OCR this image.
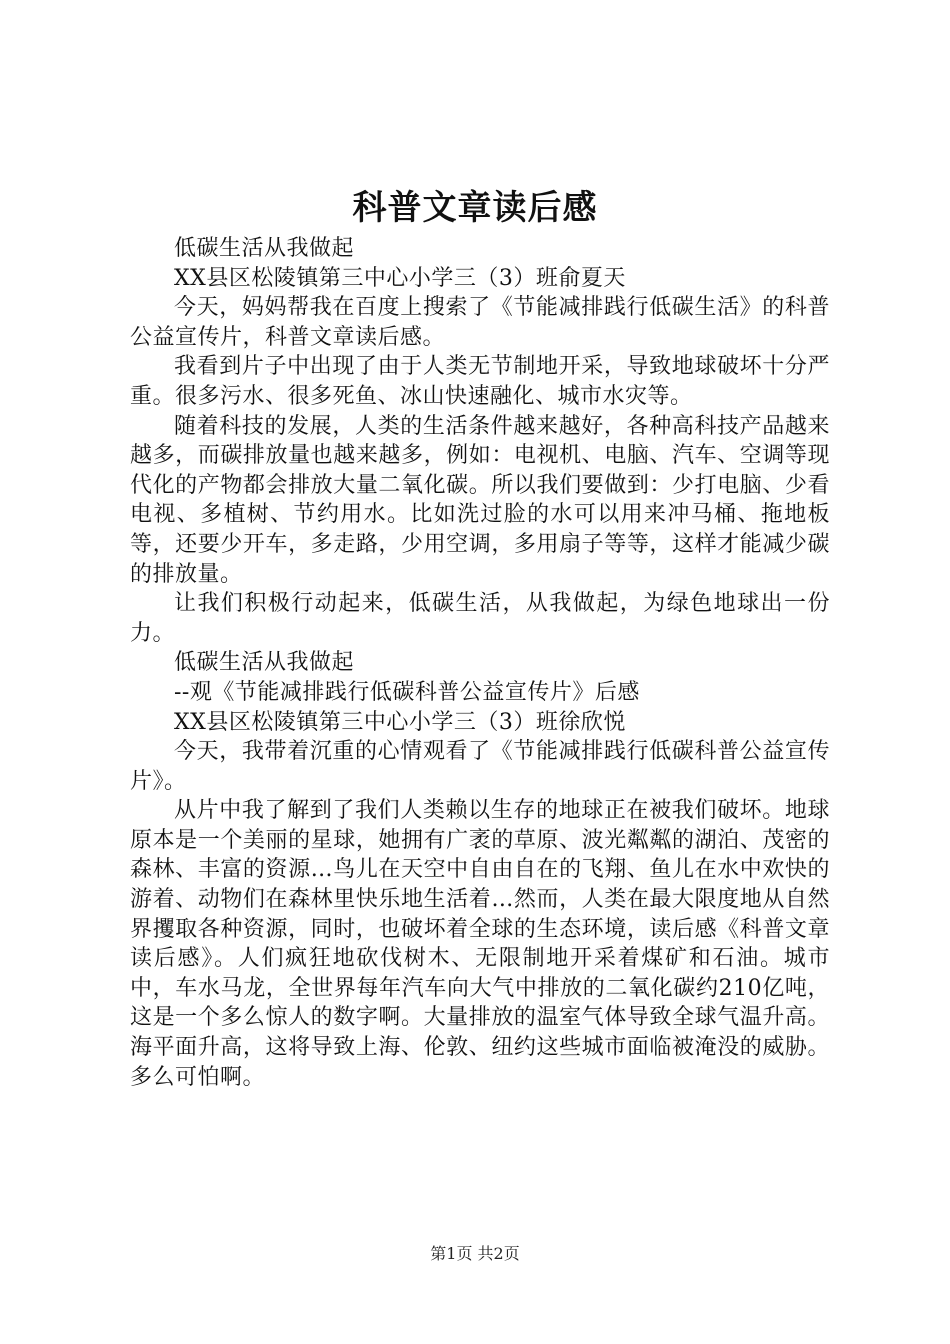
科普文章读后感

低碳生活从我做起

XX县区松陵镇第三中心小学三（3）班俞夏天

今天，妈妈帮我在百度上搜索了《节能减排践行低碳生活》的科普公益宣传片，科普文章读后感。

我看到片子中出现了由于人类无节制地开采，导致地球破坏十分严重。很多污水、很多死鱼、冰山快速融化、城市水灾等。

随着科技的发展，人类的生活条件越来越好，各种高科技产品越来越多，而碳排放量也越来越多，例如：电视机、电脑、汽车、空调等现代化的产物都会排放大量二氧化碳。所以我们要做到：少打电脑、少看电视、多植树、节约用水。比如洗过脸的水可以用来冲马桶、拖地板等，还要少开车，多走路，少用空调，多用扇子等等，这样才能减少碳的排放量。

让我们积极行动起来，低碳生活，从我做起，为绿色地球出一份力。

低碳生活从我做起

--观《节能减排践行低碳科普公益宣传片》后感

XX县区松陵镇第三中心小学三（3）班徐欣悦

今天，我带着沉重的心情观看了《节能减排践行低碳科普公益宣传片》。

从片中我了解到了我们人类赖以生存的地球正在被我们破坏。地球原本是一个美丽的星球，她拥有广袤的草原、波光粼粼的湖泊、茂密的森林、丰富的资源…鸟儿在天空中自由自在的飞翔、鱼儿在水中欢快的游着、动物们在森林里快乐地生活着…然而，人类在最大限度地从自然界攫取各种资源，同时，也破坏着全球的生态环境，读后感《科普文章读后感》。人们疯狂地砍伐树木、无限制地开采着煤矿和石油。城市中，车水马龙，全世界每年汽车向大气中排放的二氧化碳约210亿吨，这是一个多么惊人的数字啊。大量排放的温室气体导致全球气温升高。海平面升高，这将导致上海、伦敦、纽约这些城市面临被淹没的威胁。多么可怕啊。

第1页 共2页
